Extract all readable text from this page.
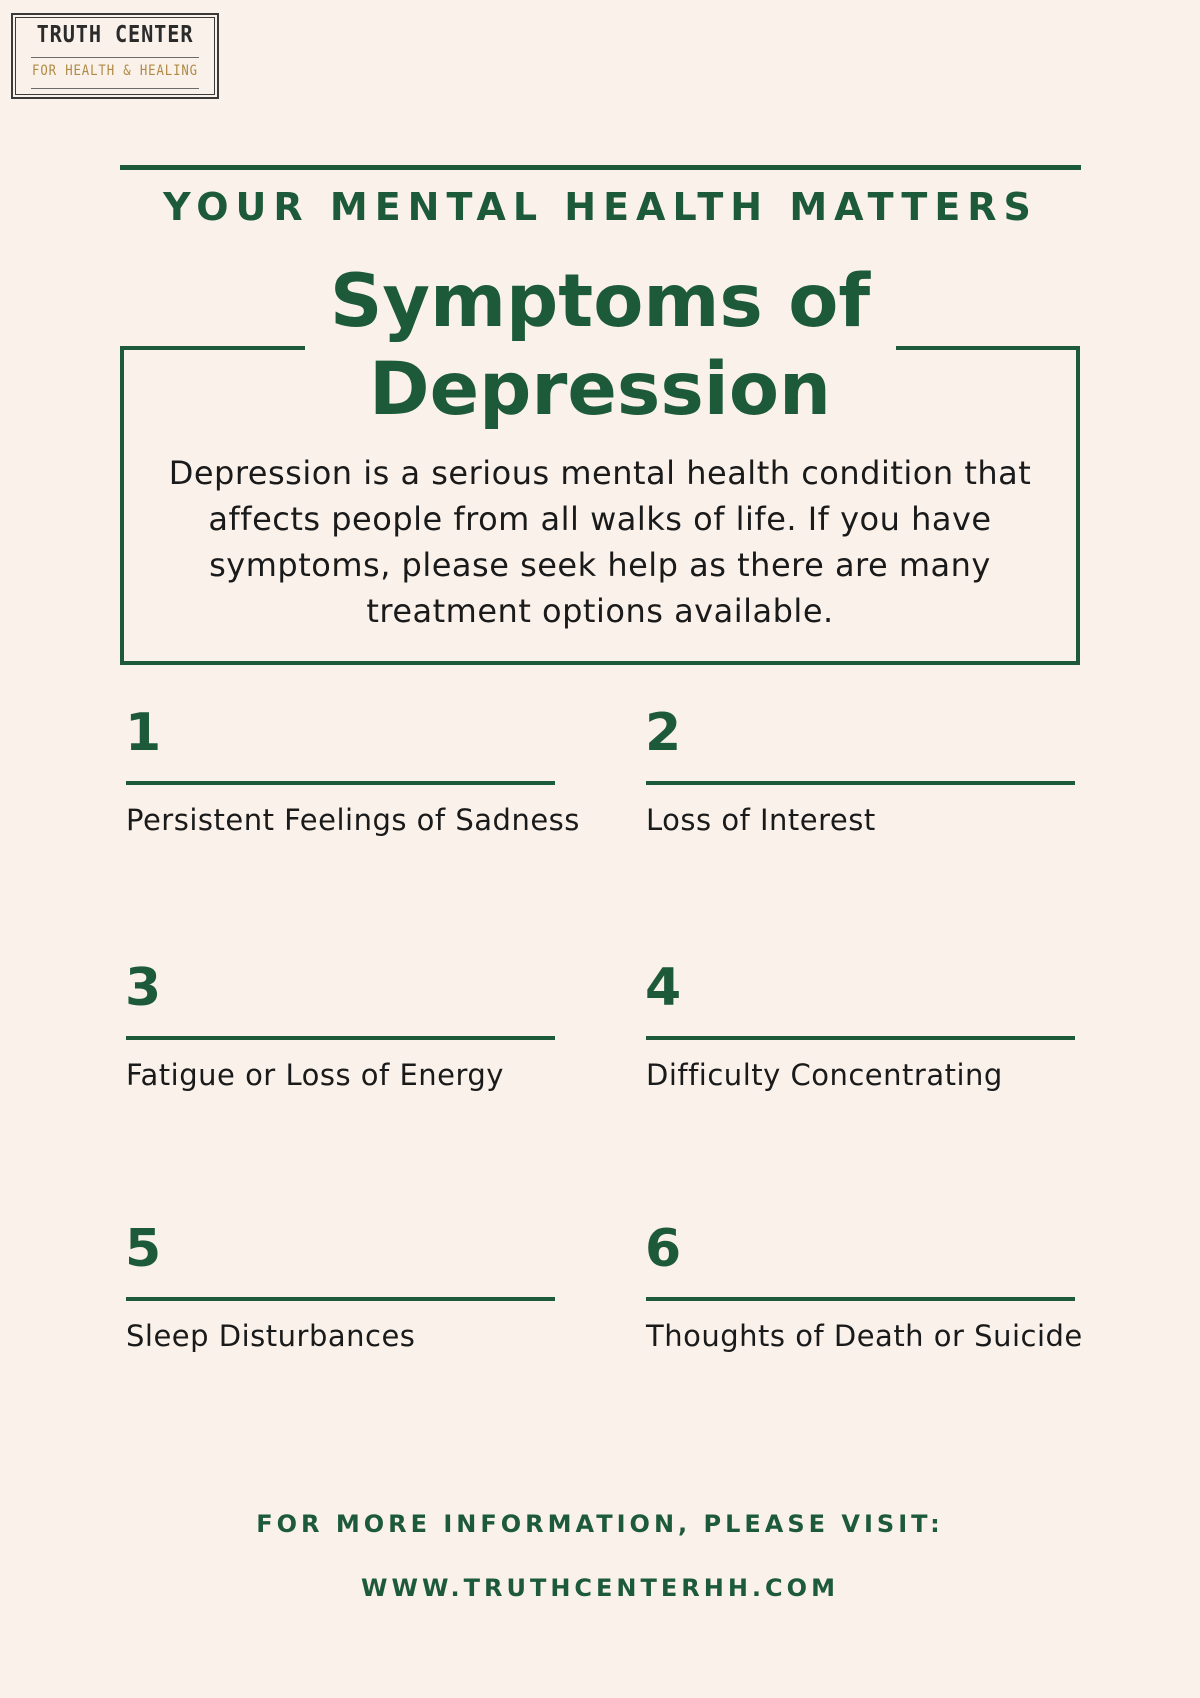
TRUTH CENTER
FOR HEALTH & HEALING
YOUR MENTAL HEALTH MATTERS
Symptoms of Depression
Depression is a serious mental health condition that affects people from all walks of life. If you have symptoms, please seek help as there are many treatment options available.
1
Persistent Feelings of Sadness
2
Loss of Interest
3
Fatigue or Loss of Energy
4
Difficulty Concentrating
5
Sleep Disturbances
6
Thoughts of Death or Suicide
FOR MORE INFORMATION, PLEASE VISIT:
WWW.TRUTHCENTERHH.COM
